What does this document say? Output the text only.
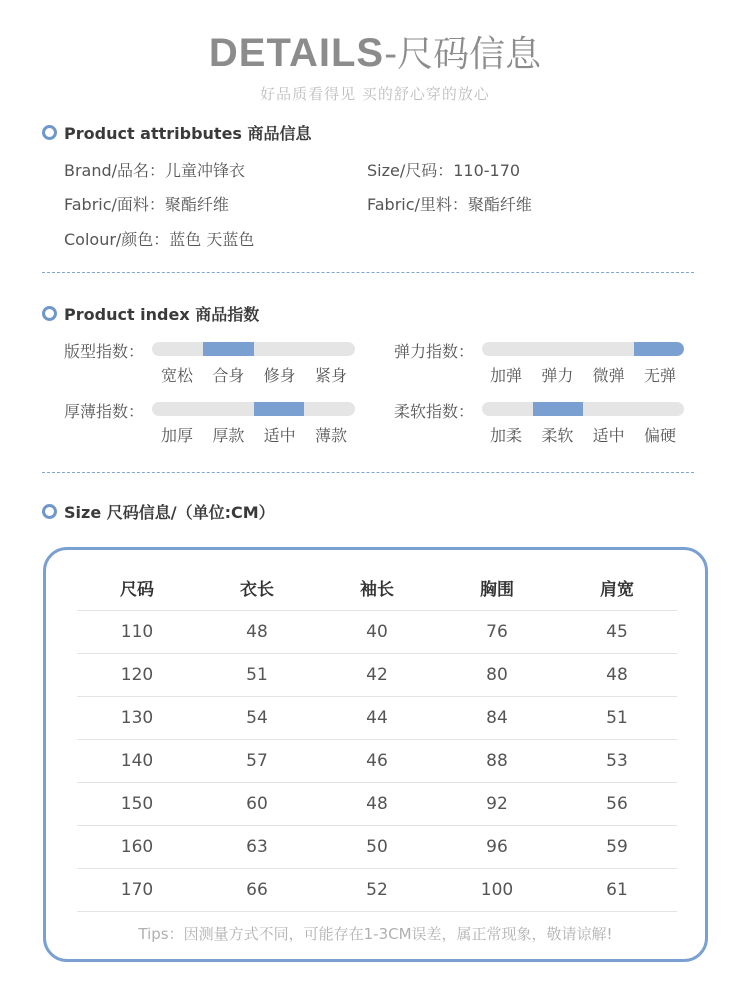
DETAILS-尺码信息
好品质看得见 买的舒心穿的放心
Product attribbutes 商品信息
Brand/品名：儿童冲锋衣	Size/尺码：110-170
Fabric/面料：聚酯纤维	Fabric/里料：聚酯纤维
Colour/颜色：蓝色 天蓝色
Product index 商品指数
版型指数：
宽松 合身 修身 紧身
弹力指数：
加弹 弹力 微弹 无弹
厚薄指数：
加厚 厚款 适中 薄款
柔软指数：
加柔 柔软 适中 偏硬
Size 尺码信息/（单位:CM）
尺码	衣长	袖长	胸围	肩宽
110	48	40	76	45
120	51	42	80	48
130	54	44	84	51
140	57	46	88	53
150	60	48	92	56
160	63	50	96	59
170	66	52	100	61
Tips：因测量方式不同，可能存在1-3CM误差，属正常现象，敬请谅解!
